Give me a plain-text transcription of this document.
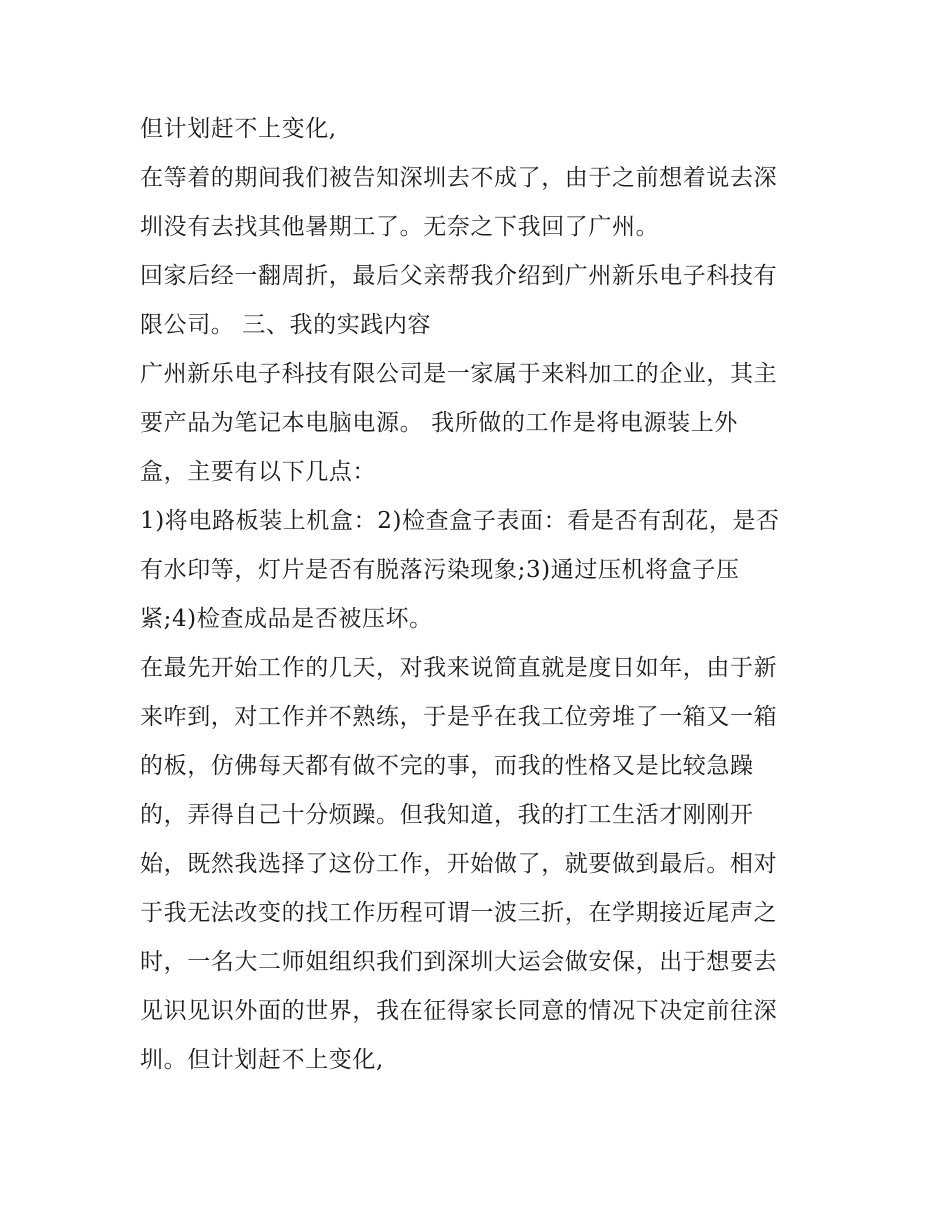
但计划赶不上变化,
在等着的期间我们被告知深圳去不成了，由于之前想着说去深
圳没有去找其他暑期工了。无奈之下我回了广州。
回家后经一翻周折，最后父亲帮我介绍到广州新乐电子科技有
限公司。 三、我的实践内容
广州新乐电子科技有限公司是一家属于来料加工的企业，其主
要产品为笔记本电脑电源。 我所做的工作是将电源装上外
盒，主要有以下几点：
1)将电路板装上机盒：2)检查盒子表面：看是否有刮花，是否
有水印等，灯片是否有脱落污染现象;3)通过压机将盒子压
紧;4)检查成品是否被压坏。
在最先开始工作的几天，对我来说简直就是度日如年，由于新
来咋到，对工作并不熟练，于是乎在我工位旁堆了一箱又一箱
的板，仿佛每天都有做不完的事，而我的性格又是比较急躁
的，弄得自己十分烦躁。但我知道，我的打工生活才刚刚开
始，既然我选择了这份工作，开始做了，就要做到最后。相对
于我无法改变的找工作历程可谓一波三折，在学期接近尾声之
时，一名大二师姐组织我们到深圳大运会做安保，出于想要去
见识见识外面的世界，我在征得家长同意的情况下决定前往深
圳。但计划赶不上变化,
